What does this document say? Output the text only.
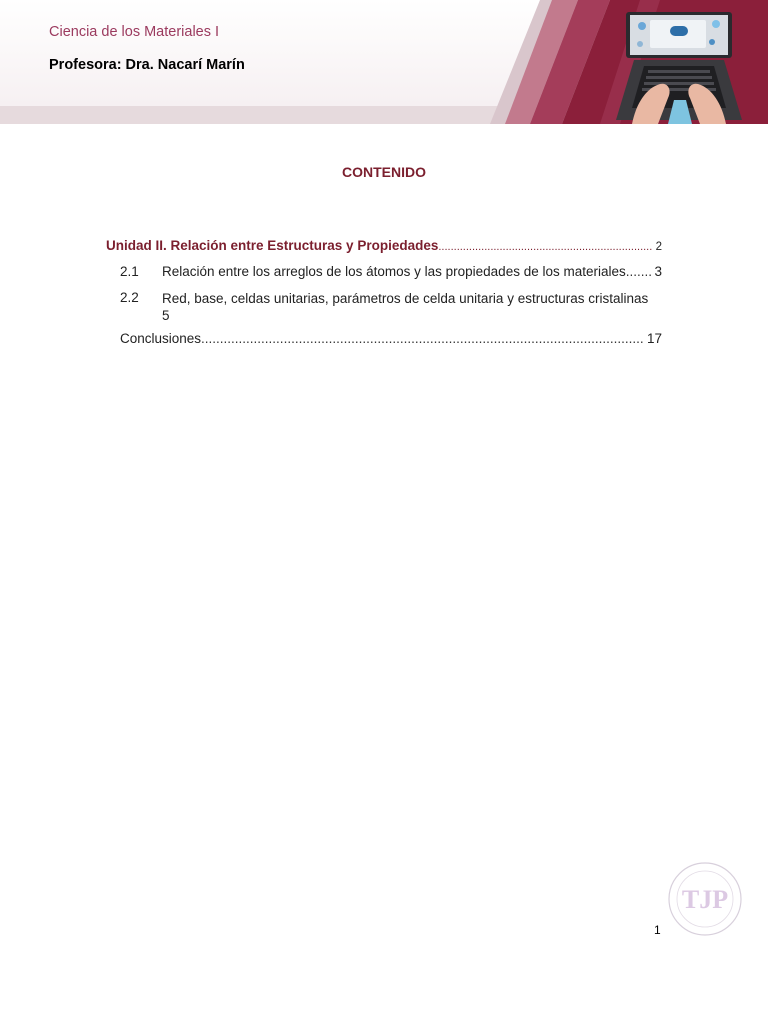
Ciencia de los Materiales I
Profesora: Dra. Nacarí Marín
CONTENIDO
Unidad II. Relación entre Estructuras y Propiedades .....	2
2.1	Relación entre los arreglos de los átomos y las propiedades de los materiales ..... 3
2.2 Red, base, celdas unitarias, parámetros de celda unitaria y estructuras cristalinas
5
Conclusiones .....	17
TJP
1
